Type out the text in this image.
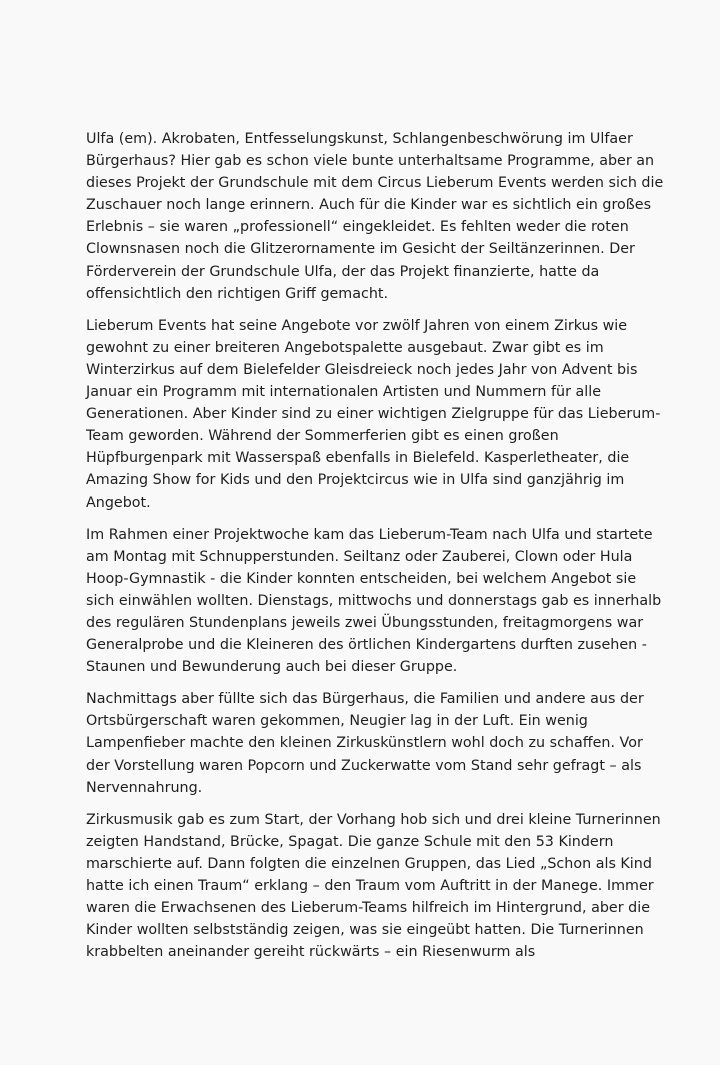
Ulfa (em). Akrobaten, Entfesselungskunst, Schlangenbeschwörung im Ulfaer
Bürgerhaus? Hier gab es schon viele bunte unterhaltsame Programme, aber an
dieses Projekt der Grundschule mit dem Circus Lieberum Events werden sich die
Zuschauer noch lange erinnern. Auch für die Kinder war es sichtlich ein großes
Erlebnis – sie waren „professionell“ eingekleidet. Es fehlten weder die roten
Clownsnasen noch die Glitzerornamente im Gesicht der Seiltänzerinnen. Der
Förderverein der Grundschule Ulfa, der das Projekt finanzierte, hatte da
offensichtlich den richtigen Griff gemacht.

Lieberum Events hat seine Angebote vor zwölf Jahren von einem Zirkus wie
gewohnt zu einer breiteren Angebotspalette ausgebaut. Zwar gibt es im
Winterzirkus auf dem Bielefelder Gleisdreieck noch jedes Jahr von Advent bis
Januar ein Programm mit internationalen Artisten und Nummern für alle
Generationen. Aber Kinder sind zu einer wichtigen Zielgruppe für das Lieberum-
Team geworden. Während der Sommerferien gibt es einen großen
Hüpfburgenpark mit Wasserspaß ebenfalls in Bielefeld. Kasperletheater, die
Amazing Show for Kids und den Projektcircus wie in Ulfa sind ganzjährig im
Angebot.

Im Rahmen einer Projektwoche kam das Lieberum-Team nach Ulfa und startete
am Montag mit Schnupperstunden. Seiltanz oder Zauberei, Clown oder Hula
Hoop-Gymnastik - die Kinder konnten entscheiden, bei welchem Angebot sie
sich einwählen wollten. Dienstags, mittwochs und donnerstags gab es innerhalb
des regulären Stundenplans jeweils zwei Übungsstunden, freitagmorgens war
Generalprobe und die Kleineren des örtlichen Kindergartens durften zusehen -
Staunen und Bewunderung auch bei dieser Gruppe.

Nachmittags aber füllte sich das Bürgerhaus, die Familien und andere aus der
Ortsbürgerschaft waren gekommen, Neugier lag in der Luft. Ein wenig
Lampenfieber machte den kleinen Zirkuskünstlern wohl doch zu schaffen. Vor
der Vorstellung waren Popcorn und Zuckerwatte vom Stand sehr gefragt – als
Nervennahrung.

Zirkusmusik gab es zum Start, der Vorhang hob sich und drei kleine Turnerinnen
zeigten Handstand, Brücke, Spagat. Die ganze Schule mit den 53 Kindern
marschierte auf. Dann folgten die einzelnen Gruppen, das Lied „Schon als Kind
hatte ich einen Traum“ erklang – den Traum vom Auftritt in der Manege. Immer
waren die Erwachsenen des Lieberum-Teams hilfreich im Hintergrund, aber die
Kinder wollten selbstständig zeigen, was sie eingeübt hatten. Die Turnerinnen
krabbelten aneinander gereiht rückwärts – ein Riesenwurm als
